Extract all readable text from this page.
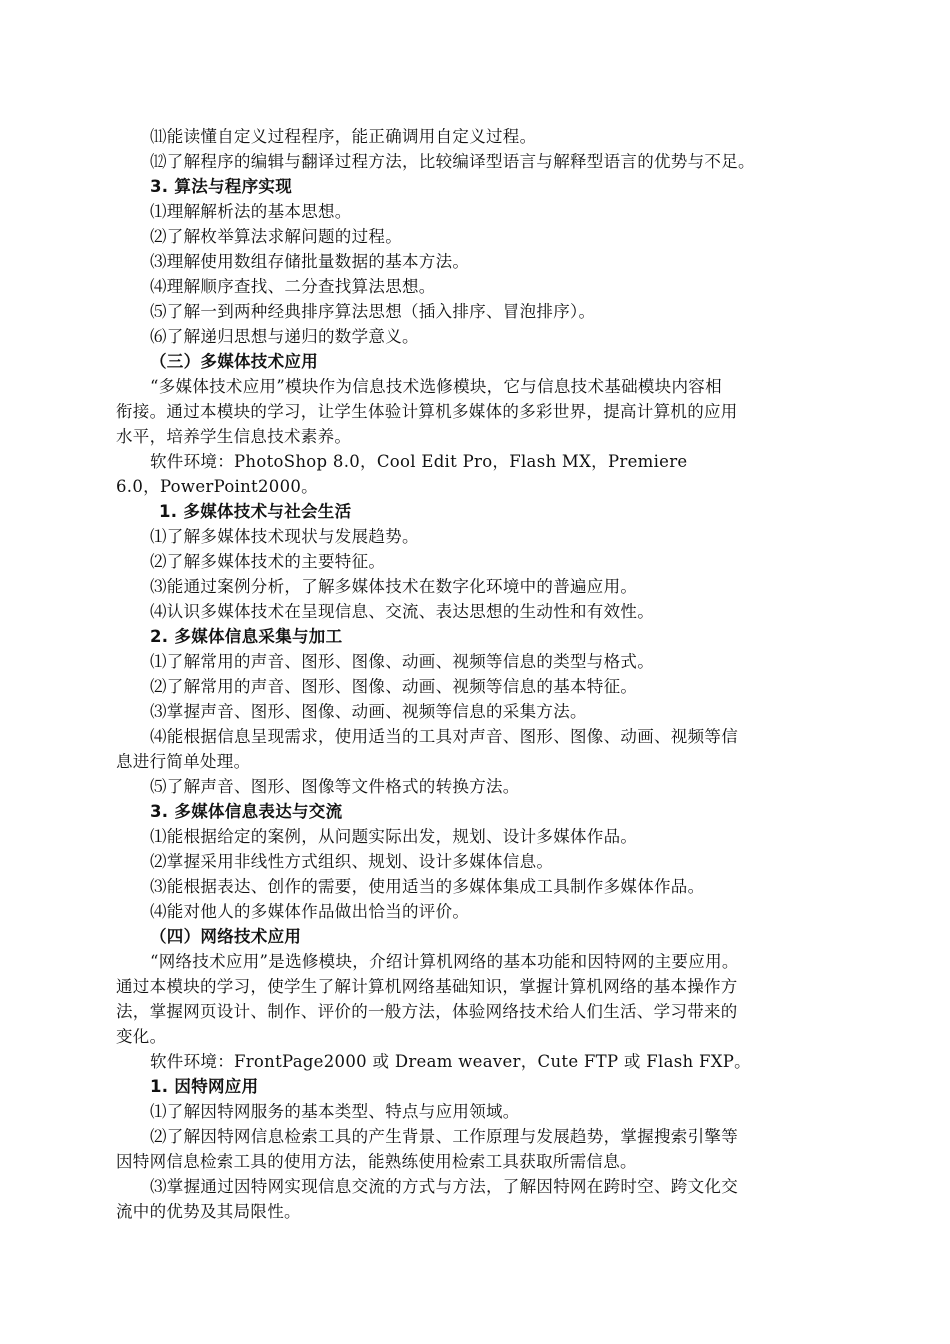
⑾能读懂自定义过程程序，能正确调用自定义过程。
⑿了解程序的编辑与翻译过程方法，比较编译型语言与解释型语言的优势与不足。
3. 算法与程序实现
⑴理解解析法的基本思想。
⑵了解枚举算法求解问题的过程。
⑶理解使用数组存储批量数据的基本方法。
⑷理解顺序查找、二分查找算法思想。
⑸了解一到两种经典排序算法思想（插入排序、冒泡排序）。
⑹了解递归思想与递归的数学意义。
（三）多媒体技术应用
“多媒体技术应用”模块作为信息技术选修模块，它与信息技术基础模块内容相
衔接。通过本模块的学习，让学生体验计算机多媒体的多彩世界，提高计算机的应用
水平，培养学生信息技术素养。
软件环境：PhotoShop 8.0，Cool Edit Pro，Flash MX，Premiere
6.0，PowerPoint2000。
1. 多媒体技术与社会生活
⑴了解多媒体技术现状与发展趋势。
⑵了解多媒体技术的主要特征。
⑶能通过案例分析，了解多媒体技术在数字化环境中的普遍应用。
⑷认识多媒体技术在呈现信息、交流、表达思想的生动性和有效性。
2. 多媒体信息采集与加工
⑴了解常用的声音、图形、图像、动画、视频等信息的类型与格式。
⑵了解常用的声音、图形、图像、动画、视频等信息的基本特征。
⑶掌握声音、图形、图像、动画、视频等信息的采集方法。
⑷能根据信息呈现需求，使用适当的工具对声音、图形、图像、动画、视频等信
息进行简单处理。
⑸了解声音、图形、图像等文件格式的转换方法。
3. 多媒体信息表达与交流
⑴能根据给定的案例，从问题实际出发，规划、设计多媒体作品。
⑵掌握采用非线性方式组织、规划、设计多媒体信息。
⑶能根据表达、创作的需要，使用适当的多媒体集成工具制作多媒体作品。
⑷能对他人的多媒体作品做出恰当的评价。
（四）网络技术应用
“网络技术应用”是选修模块，介绍计算机网络的基本功能和因特网的主要应用。
通过本模块的学习，使学生了解计算机网络基础知识，掌握计算机网络的基本操作方
法，掌握网页设计、制作、评价的一般方法，体验网络技术给人们生活、学习带来的
变化。
软件环境：FrontPage2000 或 Dream weaver，Cute FTP 或 Flash FXP。
1. 因特网应用
⑴了解因特网服务的基本类型、特点与应用领域。
⑵了解因特网信息检索工具的产生背景、工作原理与发展趋势，掌握搜索引擎等
因特网信息检索工具的使用方法，能熟练使用检索工具获取所需信息。
⑶掌握通过因特网实现信息交流的方式与方法，了解因特网在跨时空、跨文化交
流中的优势及其局限性。
